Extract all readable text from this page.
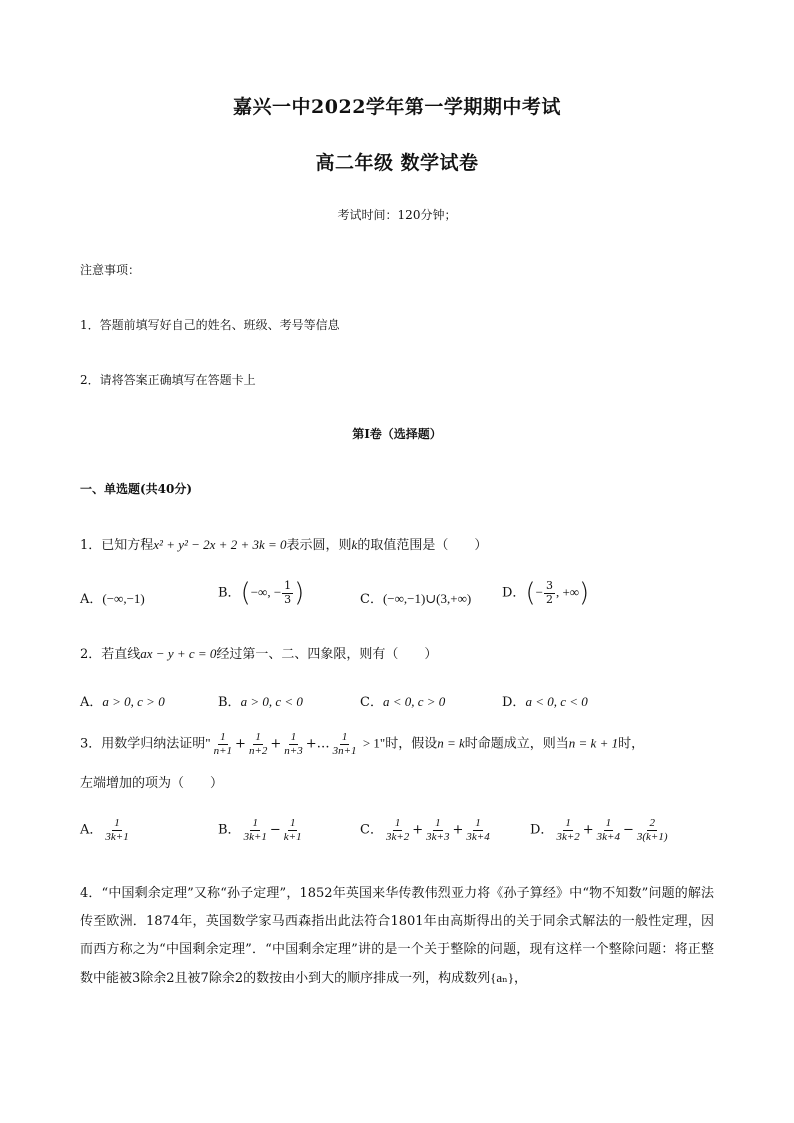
嘉兴一中2022学年第一学期期中考试
高二年级 数学试卷
考试时间：120分钟；
注意事项：
1．答题前填写好自己的姓名、班级、考号等信息
2．请将答案正确填写在答题卡上
第I卷（选择题）
一、单选题(共40分)
1．已知方程x² + y² − 2x + 2 + 3k = 0表示圆，则k的取值范围是（　　）
A．(−∞,−1)	B．(−∞, − $\frac{1}{3}$ )	C．(−∞,−1)∪(3,+∞) D．(− $\frac{3}{2}$ , +∞)
2．若直线ax − y + c = 0经过第一、二、四象限，则有（　　）
A．a > 0, c > 0	B．a > 0, c < 0	C．a < 0, c > 0	D．a < 0, c < 0
3．用数学归纳法证明" $\frac{1}{n+1} + \frac{1}{n+2} + \frac{1}{n+3}$ +… $\frac{1}{3n+1} > 1$"时，假设n = k时命题成立，则当n = k + 1时，
左端增加的项为（　　）
A． $\frac{1}{3k+1}$	B． $\frac{1}{3k+1} - \frac{1}{k+1}$	C． $\frac{1}{3k+2} + \frac{1}{3k+3} + \frac{1}{3k+4}$	D． $\frac{1}{3k+2} + \frac{1}{3k+4} - \frac{2}{3(k+1)}$
4．“中国剩余定理”又称“孙子定理”，1852年英国来华传教伟烈亚力将《孙子算经》中“物不知数”问题的解法传至欧洲．1874年，英国数学家马西森指出此法符合1801年由高斯得出的关于同余式解法的一般性定理，因而西方称之为“中国剩余定理”．“中国剩余定理”讲的是一个关于整除的问题，现有这样一个整除问题：将正整数中能被3除余2且被7除余2的数按由小到大的顺序排成一列，构成数列{aₙ}，
